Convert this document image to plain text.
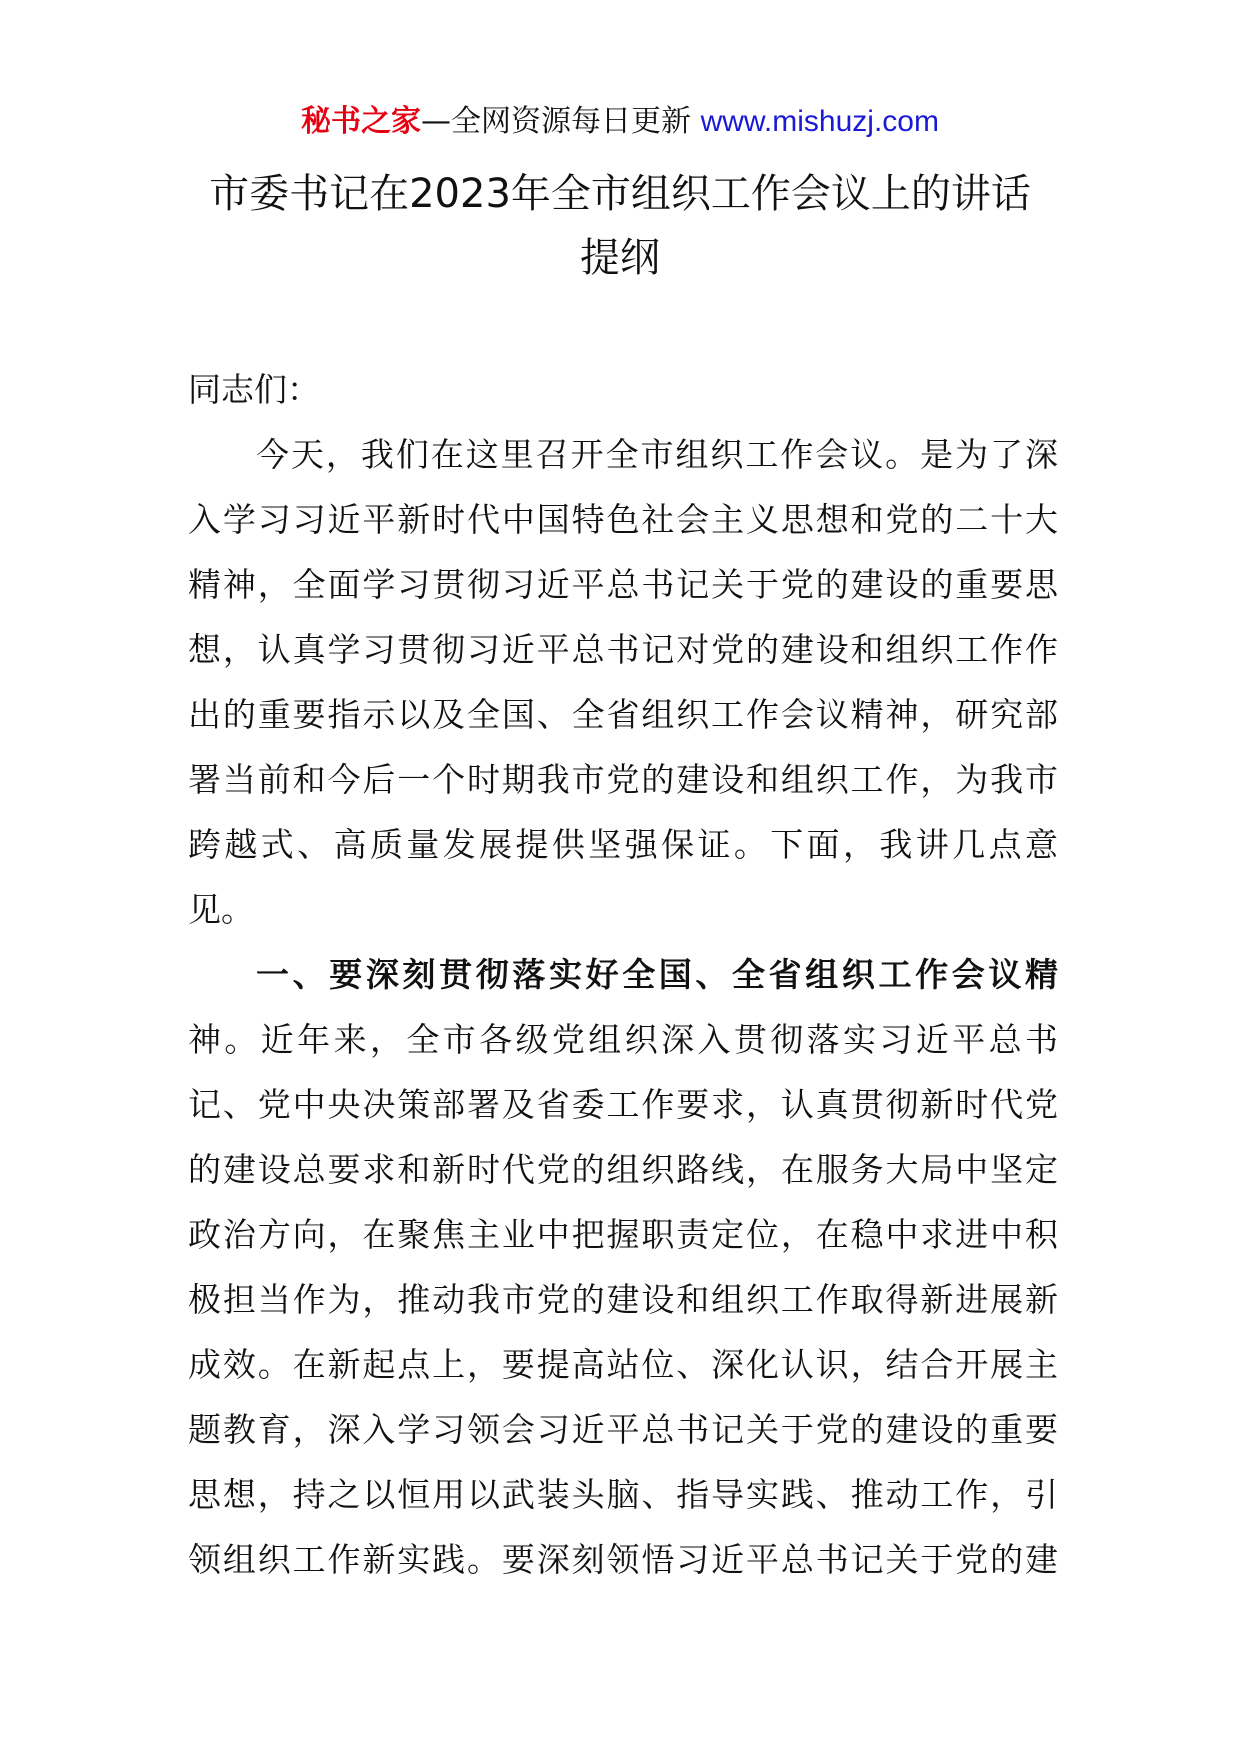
秘书之家—全网资源每日更新 www.mishuzj.com
市委书记在2023年全市组织工作会议上的讲话
提纲
同志们：
今天，我们在这里召开全市组织工作会议。是为了深
入学习习近平新时代中国特色社会主义思想和党的二十大
精神，全面学习贯彻习近平总书记关于党的建设的重要思
想，认真学习贯彻习近平总书记对党的建设和组织工作作
出的重要指示以及全国、全省组织工作会议精神，研究部
署当前和今后一个时期我市党的建设和组织工作，为我市
跨越式、高质量发展提供坚强保证。下面，我讲几点意
见。
一、要深刻贯彻落实好全国、全省组织工作会议精
神。近年来，全市各级党组织深入贯彻落实习近平总书
记、党中央决策部署及省委工作要求，认真贯彻新时代党
的建设总要求和新时代党的组织路线，在服务大局中坚定
政治方向，在聚焦主业中把握职责定位，在稳中求进中积
极担当作为，推动我市党的建设和组织工作取得新进展新
成效。在新起点上，要提高站位、深化认识，结合开展主
题教育，深入学习领会习近平总书记关于党的建设的重要
思想，持之以恒用以武装头脑、指导实践、推动工作，引
领组织工作新实践。要深刻领悟习近平总书记关于党的建
